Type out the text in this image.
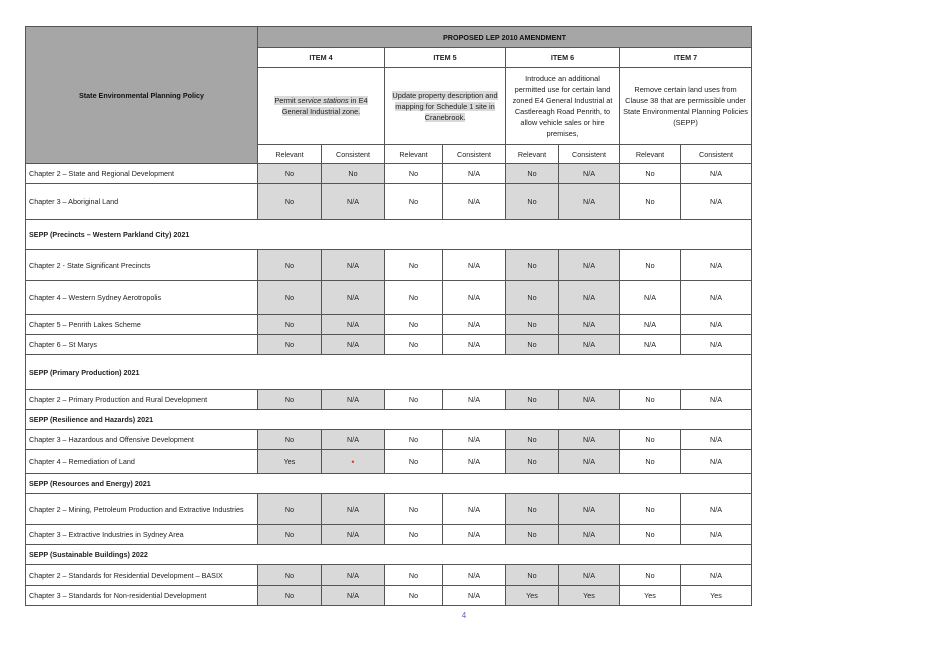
State Environmental Planning Policy	PROPOSED LEP 2010 AMENDMENT							
	ITEM 4		ITEM 5		ITEM 6		ITEM 7	
	Permit service stations in E4 General Industrial zone.		Update property description and mapping for Schedule 1 site in Cranebrook.		Introduce an additional permitted use for certain land zoned E4 General Industrial at Castlereagh Road Penrith, to allow vehicle sales or hire premises,		Remove certain land uses from Clause 38 that are permissible under State Environmental Planning Policies (SEPP)	
	Relevant	Consistent	Relevant	Consistent	Relevant	Consistent	Relevant	Consistent
Chapter 2 – State and Regional Development	No	No	No	N/A	No	N/A	No	N/A
Chapter 3 – Aboriginal Land	No	N/A	No	N/A	No	N/A	No	N/A
SEPP (Precincts – Western Parkland City) 2021								
Chapter 2 - State Significant Precincts	No	N/A	No	N/A	No	N/A	No	N/A
Chapter 4 – Western Sydney Aerotropolis	No	N/A	No	N/A	No	N/A	N/A	N/A
Chapter 5 – Penrith Lakes Scheme	No	N/A	No	N/A	No	N/A	N/A	N/A
Chapter 6 – St Marys	No	N/A	No	N/A	No	N/A	N/A	N/A
SEPP (Primary Production) 2021								
Chapter 2 – Primary Production and Rural Development	No	N/A	No	N/A	No	N/A	No	N/A
SEPP (Resilience and Hazards) 2021								
Chapter 3 – Hazardous and Offensive Development	No	N/A	No	N/A	No	N/A	No	N/A
Chapter 4 – Remediation of Land	Yes	•	No	N/A	No	N/A	No	N/A
SEPP (Resources and Energy) 2021								
Chapter 2 – Mining, Petroleum Production and Extractive Industries	No	N/A	No	N/A	No	N/A	No	N/A
Chapter 3 – Extractive Industries in Sydney Area	No	N/A	No	N/A	No	N/A	No	N/A
SEPP (Sustainable Buildings) 2022								
Chapter 2 – Standards for Residential Development – BASIX	No	N/A	No	N/A	No	N/A	No	N/A
Chapter 3 – Standards for Non-residential Development	No	N/A	No	N/A	Yes	Yes	Yes	Yes
4
